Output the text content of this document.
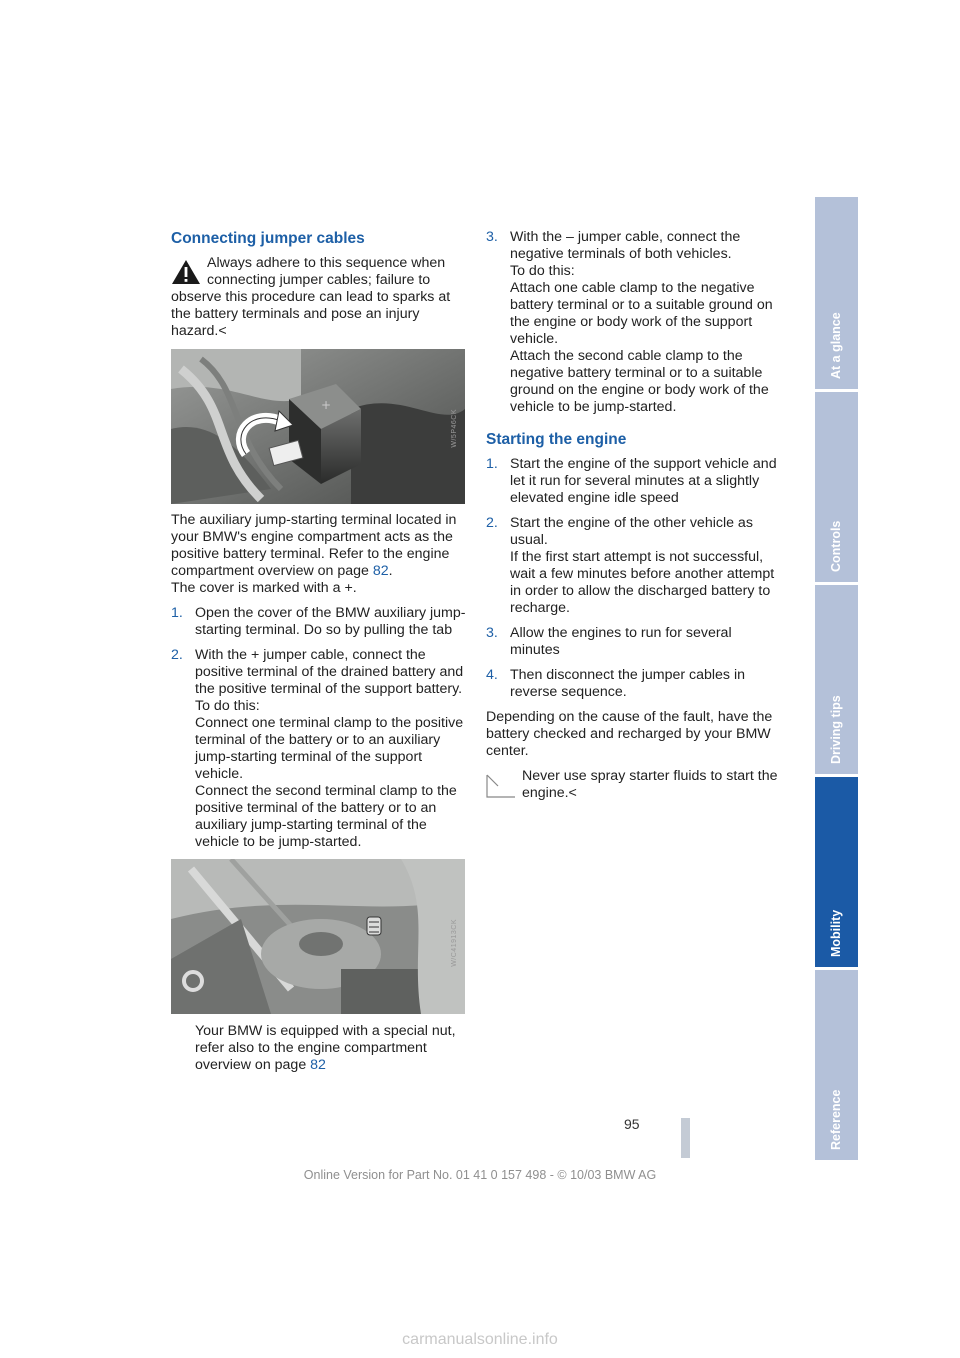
Connecting jumper cables

Always adhere to this sequence when connecting jumper cables; failure to observe this procedure can lead to sparks at the battery terminals and pose an injury hazard.<

+
W/5P46CK

The auxiliary jump-starting terminal located in your BMW's engine compartment acts as the positive battery terminal. Refer to the engine compartment overview on page 82.
The cover is marked with a +.

1. Open the cover of the BMW auxiliary jump-starting terminal. Do so by pulling the tab
2. With the + jumper cable, connect the positive terminal of the drained battery and the positive terminal of the support battery.
To do this:
Connect one terminal clamp to the positive terminal of the battery or to an auxiliary jump-starting terminal of the support vehicle.
Connect the second terminal clamp to the positive terminal of the battery or to an auxiliary jump-starting terminal of the vehicle to be jump-started.
W/C41913CK

Your BMW is equipped with a special nut, refer also to the engine compartment overview on page 82

3. With the – jumper cable, connect the negative terminals of both vehicles.
To do this:
Attach one cable clamp to the negative battery terminal or to a suitable ground on the engine or body work of the support vehicle.
Attach the second cable clamp to the negative battery terminal or to a suitable ground on the engine or body work of the vehicle to be jump-started.
Starting the engine
1. Start the engine of the support vehicle and let it run for several minutes at a slightly elevated engine idle speed
2. Start the engine of the other vehicle as usual.
If the first start attempt is not successful, wait a few minutes before another attempt in order to allow the discharged battery to recharge.
3. Allow the engines to run for several minutes
4. Then disconnect the jumper cables in reverse sequence.

Depending on the cause of the fault, have the battery checked and recharged by your BMW center.

Never use spray starter fluids to start the engine.<

At a glance
Controls
Driving tips
Mobility
Reference
95
Online Version for Part No. 01 41 0 157 498 - © 10/03 BMW AG
carmanualsonline.info
